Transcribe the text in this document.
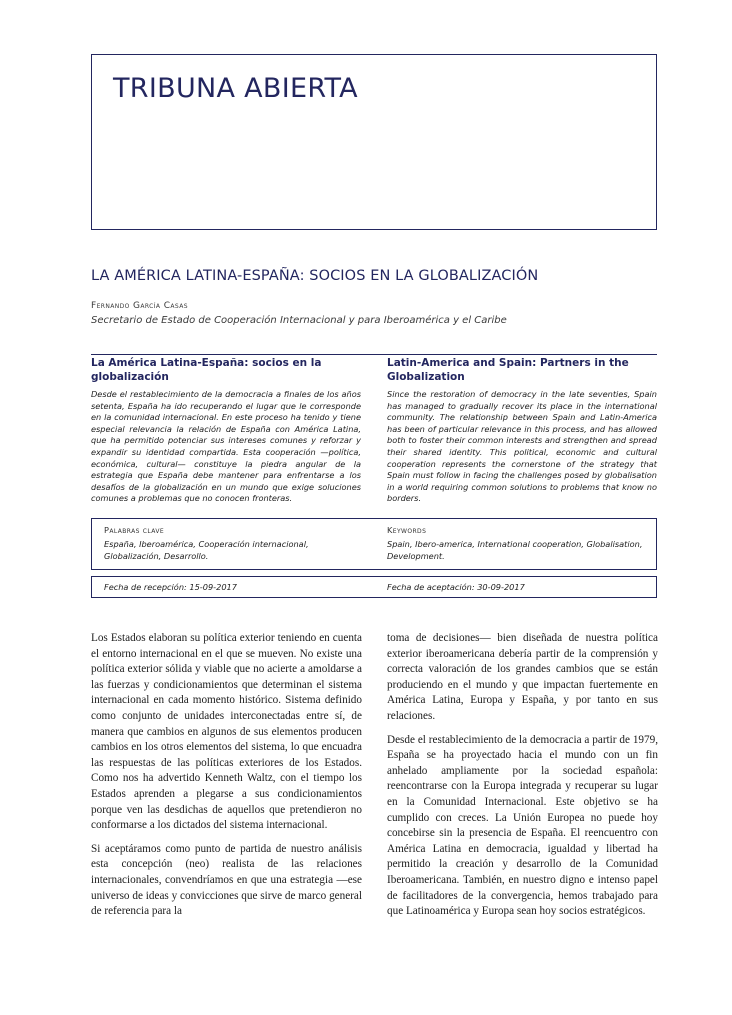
TRIBUNA ABIERTA
LA AMÉRICA LATINA-ESPAÑA: SOCIOS EN LA GLOBALIZACIÓN
Fernando García Casas
Secretario de Estado de Cooperación Internacional y para Iberoamérica y el Caribe

La América Latina-España: socios en la globalización

Desde el restablecimiento de la democracia a finales de los años setenta, España ha ido recuperando el lugar que le corresponde en la comunidad internacional. En este proceso ha tenido y tiene especial relevancia la relación de España con América Latina, que ha permitido potenciar sus intereses comunes y reforzar y expandir su identidad compartida. Esta cooperación —política, económica, cultural— constituye la piedra angular de la estrategia que España debe mantener para enfrentarse a los desafíos de la globalización en un mundo que exige soluciones comunes a problemas que no conocen fronteras.

Latin-America and Spain: Partners in the Globalization

Since the restoration of democracy in the late seventies, Spain has managed to gradually recover its place in the international community. The relationship between Spain and Latin-America has been of particular relevance in this process, and has allowed both to foster their common interests and strengthen and spread their shared identity. This political, economic and cultural cooperation represents the cornerstone of the strategy that Spain must follow in facing the challenges posed by globalisation in a world requiring common solutions to problems that know no borders.

Palabras clave

España, Iberoamérica, Cooperación internacional, Globalización, Desarrollo.

Keywords

Spain, Ibero-america, International cooperation, Globalisation, Development.

Fecha de recepción: 15-09-2017	Fecha de aceptación: 30-09-2017

Los Estados elaboran su política exterior teniendo en cuenta el entorno internacional en el que se mueven. No existe una política exterior sólida y viable que no acierte a amoldarse a las fuerzas y condicionamientos que determinan el sistema internacional en cada momento histórico. Sistema definido como conjunto de unidades interconectadas entre sí, de manera que cambios en algunos de sus elementos producen cambios en los otros elementos del sistema, lo que encuadra las respuestas de las políticas exteriores de los Estados. Como nos ha advertido Kenneth Waltz, con el tiempo los Estados aprenden a plegarse a sus condicionamientos porque ven las desdichas de aquellos que pretendieron no conformarse a los dictados del sistema internacional.

Si aceptáramos como punto de partida de nuestro análisis esta concepción (neo) realista de las relaciones internacionales, convendríamos en que una estrategia —ese universo de ideas y convicciones que sirve de marco general de referencia para la

toma de decisiones— bien diseñada de nuestra política exterior iberoamericana debería partir de la comprensión y correcta valoración de los grandes cambios que se están produciendo en el mundo y que impactan fuertemente en América Latina, Europa y España, y por tanto en sus relaciones.

Desde el restablecimiento de la democracia a partir de 1979, España se ha proyectado hacia el mundo con un fin anhelado ampliamente por la sociedad española: reencontrarse con la Europa integrada y recuperar su lugar en la Comunidad Internacional. Este objetivo se ha cumplido con creces. La Unión Europea no puede hoy concebirse sin la presencia de España. El reencuentro con América Latina en democracia, igualdad y libertad ha permitido la creación y desarrollo de la Comunidad Iberoamericana. También, en nuestro digno e intenso papel de facilitadores de la convergencia, hemos trabajado para que Latinoamérica y Europa sean hoy socios estratégicos.
